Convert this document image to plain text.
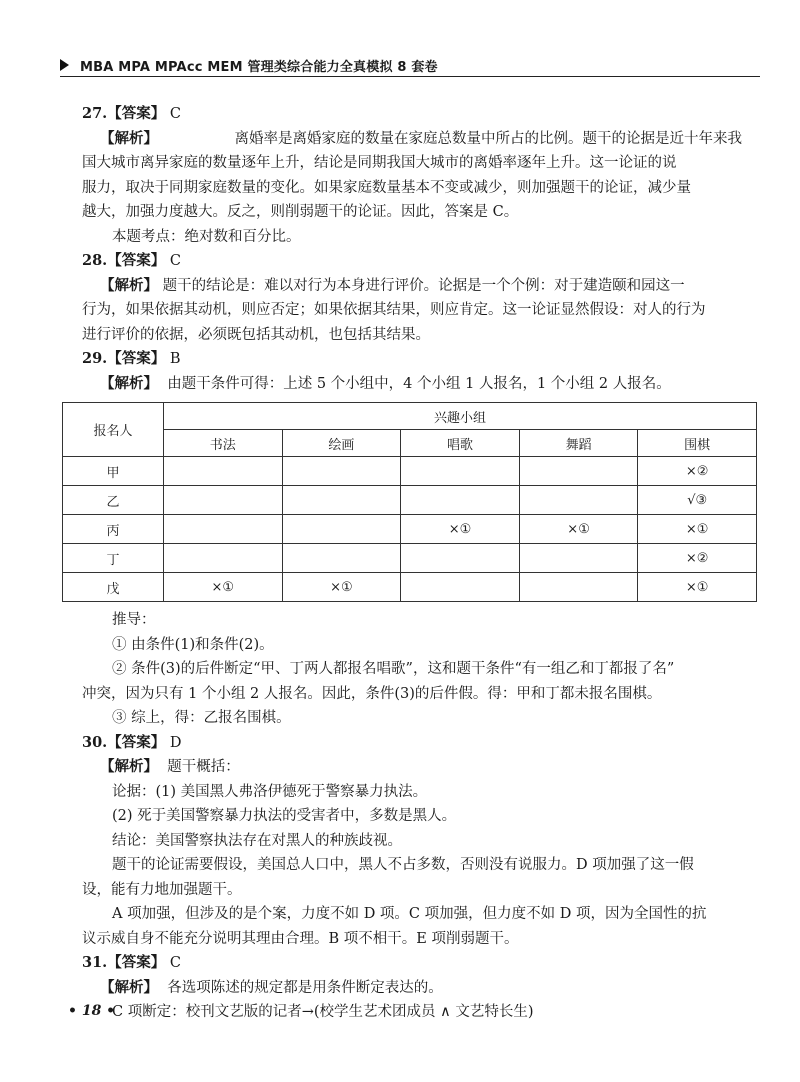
MBA MPA MPAcc MEM 管理类综合能力全真模拟 8 套卷
27.【答案】 C
【解析】
	离婚率是离婚家庭的数量在家庭总数量中所占的比例。题干的论据是近十年来我
国大城市离异家庭的数量逐年上升，结论是同期我国大城市的离婚率逐年上升。这一论证的说
服力，取决于同期家庭数量的变化。如果家庭数量基本不变或减少，则加强题干的论证，减少量
越大，加强力度越大。反之，则削弱题干的论证。因此，答案是 C。
本题考点：绝对数和百分比。
28.【答案】 C
【解析】 题干的结论是：难以对行为本身进行评价。论据是一个个例：对于建造颐和园这一
行为，如果依据其动机，则应否定；如果依据其结果，则应肯定。这一论证显然假设：对人的行为
进行评价的依据，必须既包括其动机，也包括其结果。
29.【答案】 B
【解析】 由题干条件可得：上述 5 个小组中，4 个小组 1 人报名，1 个小组 2 人报名。
报名人	兴趣小组				
	书法	绘画	唱歌	舞蹈	围棋
甲					×②
乙					√③
丙			×①	×①	×①
丁					×②
戊	×①	×①			×①
推导：
① 由条件(1)和条件(2)。
② 条件(3)的后件断定“甲、丁两人都报名唱歌”，这和题干条件“有一组乙和丁都报了名”
冲突，因为只有 1 个小组 2 人报名。因此，条件(3)的后件假。得：甲和丁都未报名围棋。
③ 综上，得：乙报名围棋。
30.【答案】 D
【解析】 题干概括：
论据：(1) 美国黑人弗洛伊德死于警察暴力执法。
(2) 死于美国警察暴力执法的受害者中，多数是黑人。
结论：美国警察执法存在对黑人的种族歧视。
题干的论证需要假设，美国总人口中，黑人不占多数，否则没有说服力。D 项加强了这一假
设，能有力地加强题干。
A 项加强，但涉及的是个案，力度不如 D 项。C 项加强，但力度不如 D 项，因为全国性的抗
议示威自身不能充分说明其理由合理。B 项不相干。E 项削弱题干。
31.【答案】 C
【解析】 各选项陈述的规定都是用条件断定表达的。
C 项断定：校刊文艺版的记者→(校学生艺术团成员 ∧ 文艺特长生)
• 18 •
